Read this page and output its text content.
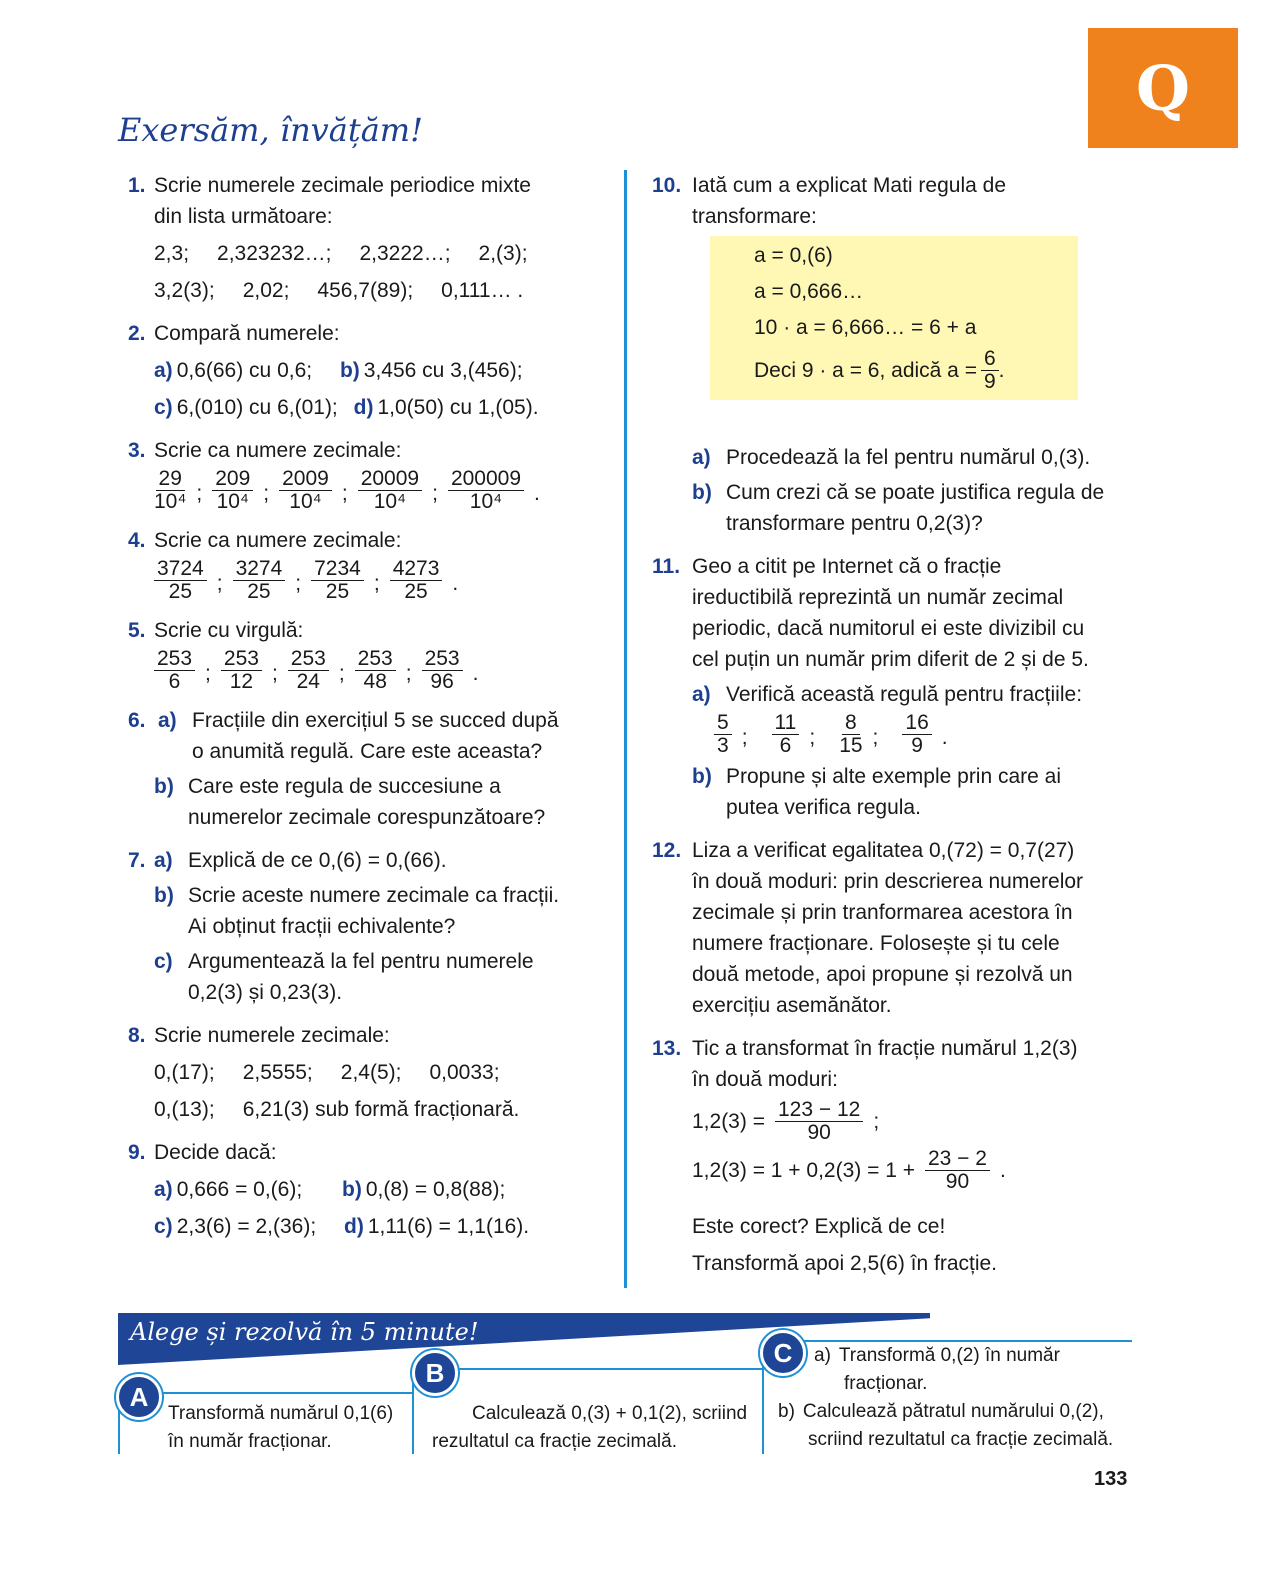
Q
Exersăm, învățăm!
1. Scrie numerele zecimale periodice mixte
din lista următoare:
2,3; 2,323232…; 2,3222…; 2,(3);
3,2(3); 2,02; 456,7(89); 0,111… .
2. Compară numerele:
a) 0,6(66) cu 0,6; b) 3,456 cu 3,(456);
c) 6,(010) cu 6,(01); d) 1,0(50) cu 1,(05).
3. Scrie ca numere zecimale:
$\frac{29}{\text{10⁴}}$ ; $\frac{209}{\text{10⁴}}$ ; $\frac{2009}{\text{10⁴}}$ ; $\frac{20009}{\text{10⁴}}$ ; $\frac{200009}{\text{10⁴}}$ .
4. Scrie ca numere zecimale:
$\frac{3724}{25}$ ; $\frac{3274}{25}$ ; $\frac{7234}{25}$ ; $\frac{4273}{25}$ .
5. Scrie cu virgulă:
$\frac{253}{6}$ ; $\frac{253}{12}$ ; $\frac{253}{24}$ ; $\frac{253}{48}$ ; $\frac{253}{96}$ .
6. a) Fracțiile din exercițiul 5 se succed după
o anumită regulă. Care este aceasta?
b) Care este regula de succesiune a
numerelor zecimale corespunzătoare?
7. a) Explică de ce 0,(6) = 0,(66).
b) Scrie aceste numere zecimale ca fracții.
Ai obținut fracții echivalente?
c) Argumentează la fel pentru numerele
0,2(3) și 0,23(3).
8. Scrie numerele zecimale:
0,(17); 2,5555; 2,4(5); 0,0033;
0,(13); 6,21(3) sub formă fracționară.
9. Decide dacă:
a) 0,666 = 0,(6); b) 0,(8) = 0,8(88);
c) 2,3(6) = 2,(36); d) 1,11(6) = 1,1(16).
a = 0,(6)
a = 0,666…
10 · a = 6,666… = 6 + a
Deci 9 · a = 6, adică $a = \frac{6}{9}$ .
10. Iată cum a explicat Mati regula de
transformare:
a) Procedează la fel pentru numărul 0,(3).
b) Cum crezi că se poate justifica regula de
transformare pentru 0,2(3)?
11. Geo a citit pe Internet că o fracție
ireductibilă reprezintă un număr zecimal
periodic, dacă numitorul ei este divizibil cu
cel puțin un număr prim diferit de 2 și de 5.
a) Verifică această regulă pentru fracțiile:
$\frac{5}{3}$ ; $\frac{11}{6}$ ; $\frac{8}{15}$ ; $\frac{16}{9}$ .
b) Propune și alte exemple prin care ai
putea verifica regula.
12. Liza a verificat egalitatea 0,(72) = 0,7(27)
în două moduri: prin descrierea numerelor
zecimale și prin tranformarea acestora în
numere fracționare. Folosește și tu cele
două metode, apoi propune și rezolvă un
exercițiu asemănător.
13. Tic a transformat în fracție numărul 1,2(3)
în două moduri:
$1,2(3) = \frac{123 - 12}{90}$ ;
$1,2(3) = 1 + 0,2(3) = 1 + \frac{23 - 2}{90}$ .
Este corect? Explică de ce!
Transformă apoi 2,5(6) în fracție.
Alege și rezolvă în 5 minute!
A
B
C
Transformă numărul 0,1(6)
în număr fracționar.
Calculează 0,(3) + 0,1(2), scriind
rezultatul ca fracție zecimală.
a) Transformă 0,(2) în număr
fracționar.
b) Calculează pătratul numărului 0,(2),
scriind rezultatul ca fracție zecimală.
133
